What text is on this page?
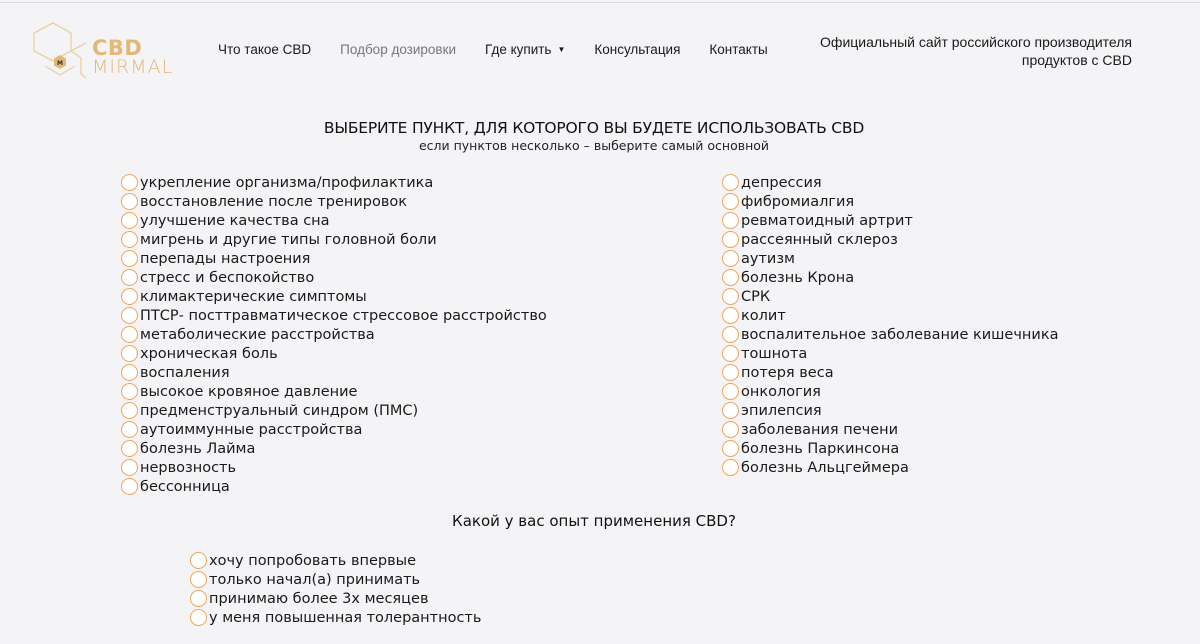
M
CBD
MIRMAL
Что такое CBD Подбор дозировки Где купить ▼ Консультация Контакты	Официальный сайт российского производителя
продуктов с CBD
ВЫБЕРИТЕ ПУНКТ, ДЛЯ КОТОРОГО ВЫ БУДЕТЕ ИСПОЛЬЗОВАТЬ CBD

если пунктов несколько – выберите самый основной

укрепление организма/профилактика
восстановление после тренировок
улучшение качества сна
мигрень и другие типы головной боли
перепады настроения
стресс и беспокойство
климактерические симптомы
ПТСР- посттравматическое стрессовое расстройство
метаболические расстройства
хроническая боль
воспаления
высокое кровяное давление
предменструальный синдром (ПМС)
аутоиммунные расстройства
болезнь Лайма
нервозность
бессонница
депрессия
фибромиалгия
ревматоидный артрит
рассеянный склероз
аутизм
болезнь Крона
СРК
колит
воспалительное заболевание кишечника
тошнота
потеря веса
онкология
эпилепсия
заболевания печени
болезнь Паркинсона
болезнь Альцгеймера
Какой у вас опыт применения CBD?
хочу попробовать впервые
только начал(а) принимать
принимаю более 3х месяцев
у меня повышенная толерантность
